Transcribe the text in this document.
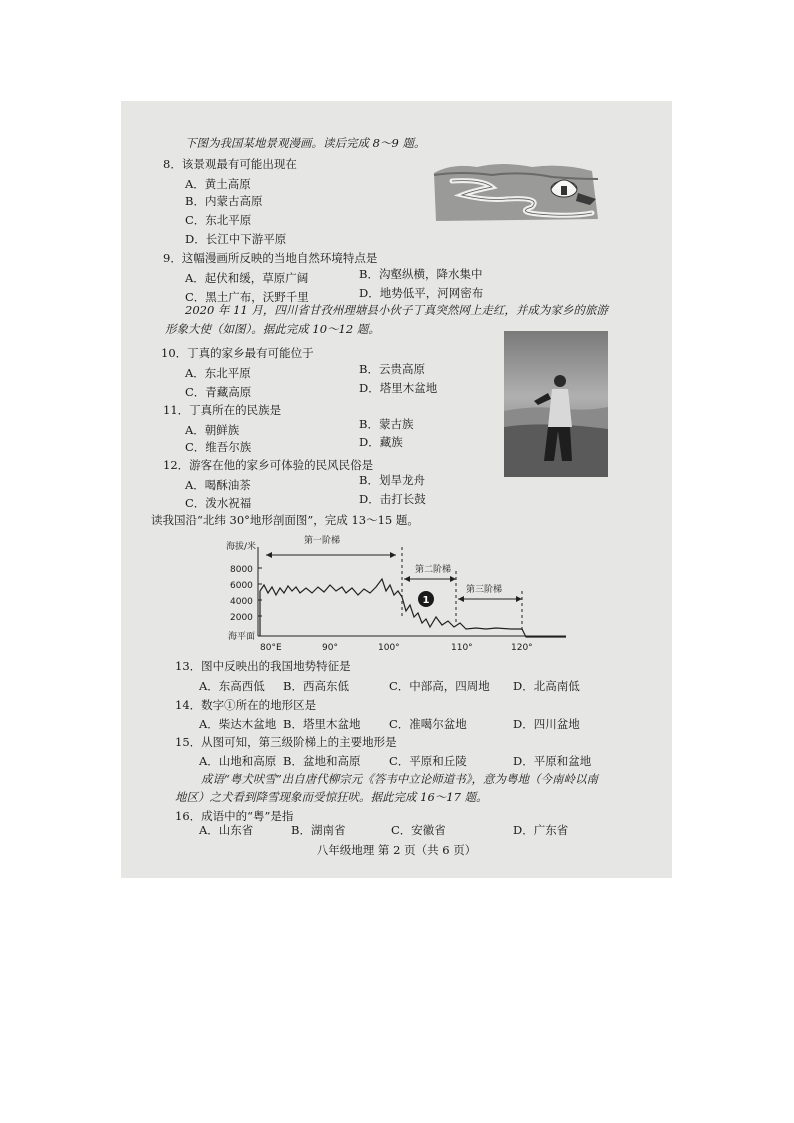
下图为我国某地景观漫画。读后完成 8～9 题。
8．该景观最有可能出现在
A．黄土高原
B．内蒙古高原
C．东北平原
D．长江中下游平原
9．这幅漫画所反映的当地自然环境特点是
A．起伏和缓，草原广阔	B．沟壑纵横，降水集中
C．黑土广布，沃野千里	D．地势低平，河网密布
2020 年 11 月，四川省甘孜州理塘县小伙子丁真突然网上走红，并成为家乡的旅游
形象大使（如图）。据此完成 10～12 题。
10．丁真的家乡最有可能位于
A．东北平原	B．云贵高原
C．青藏高原	D．塔里木盆地
11．丁真所在的民族是
A．朝鲜族	B．蒙古族
C．维吾尔族	D．藏族
12．游客在他的家乡可体验的民风民俗是
A．喝酥油茶	B．划旱龙舟
C．泼水祝福	D．击打长鼓
读我国沿“北纬 30°地形剖面图”，完成 13～15 题。
海拔/米
8000
6000
4000
2000
海平面
80°E	90°	100°	110°	120°
第一阶梯
第二阶梯
第三阶梯
1
13．图中反映出的我国地势特征是
A．东高西低 B．西高东低	C．中部高，四周地 D．北高南低
14．数字①所在的地形区是
A．柴达木盆地 B．塔里木盆地 C．准噶尔盆地	D．四川盆地
15．从图可知，第三级阶梯上的主要地形是
A．山地和高原 B．盆地和高原 C．平原和丘陵	D．平原和盆地
成语“粤犬吠雪”出自唐代柳宗元《答韦中立论师道书》，意为粤地（今南岭以南
地区）之犬看到降雪现象而受惊狂吠。据此完成 16～17 题。
16．成语中的“粤”是指
A．山东省	B．湖南省	C．安徽省	D．广东省
八年级地理 第 2 页（共 6 页）
